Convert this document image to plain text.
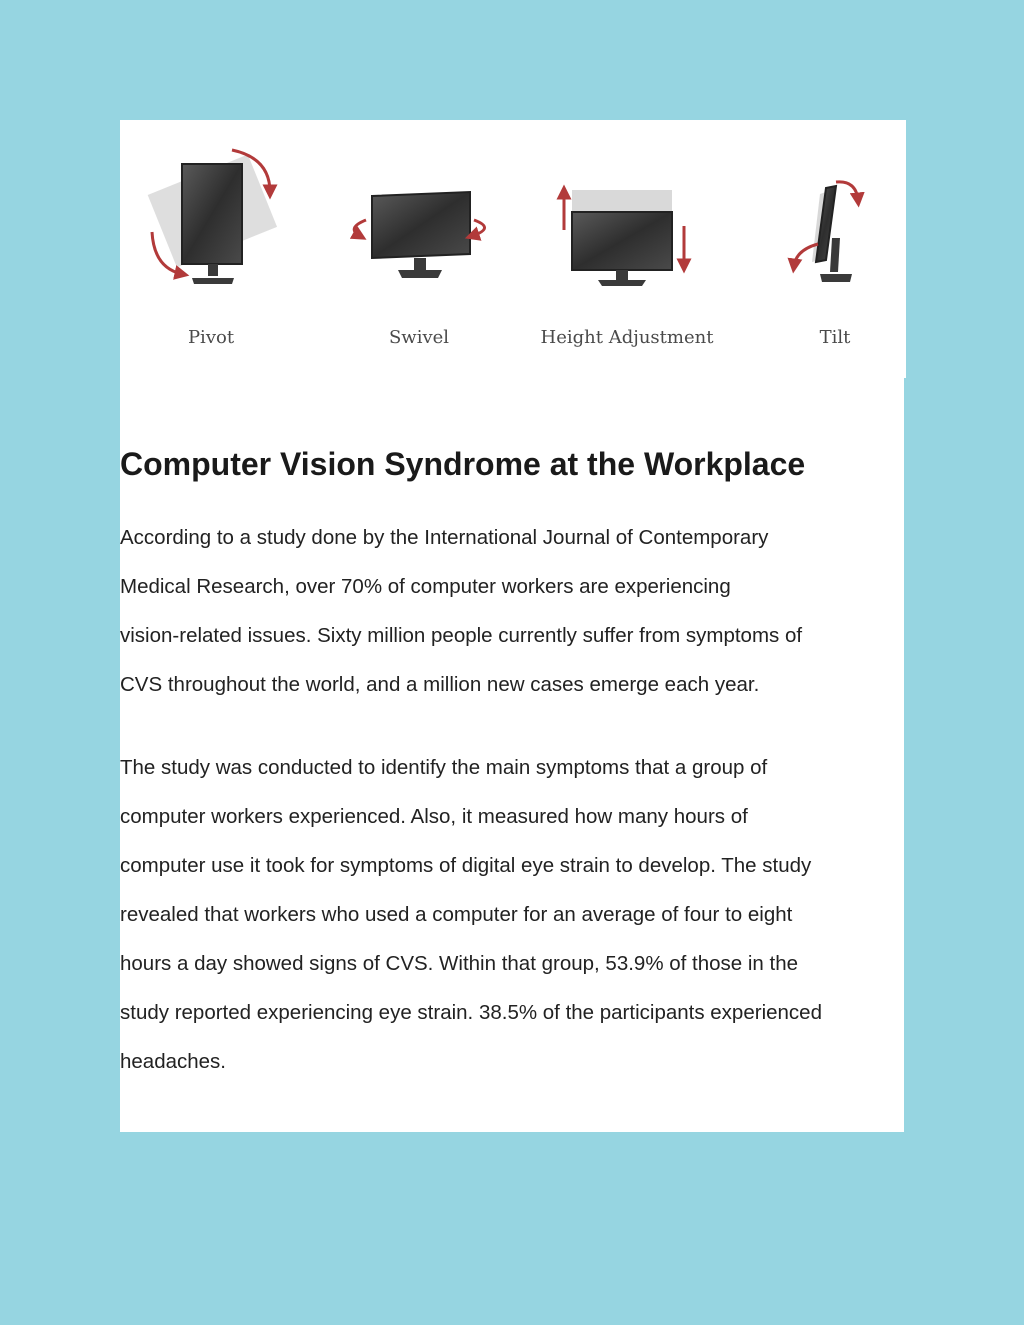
Pivot	Swivel	Height Adjustment	Tilt
Computer Vision Syndrome at the Workplace

According to a study done by the International Journal of Contemporary
Medical Research, over 70% of computer workers are experiencing
vision-related issues. Sixty million people currently suffer from symptoms of
CVS throughout the world, and a million new cases emerge each year.

The study was conducted to identify the main symptoms that a group of
computer workers experienced. Also, it measured how many hours of
computer use it took for symptoms of digital eye strain to develop. The study
revealed that workers who used a computer for an average of four to eight
hours a day showed signs of CVS. Within that group, 53.9% of those in the
study reported experiencing eye strain. 38.5% of the participants experienced
headaches.
